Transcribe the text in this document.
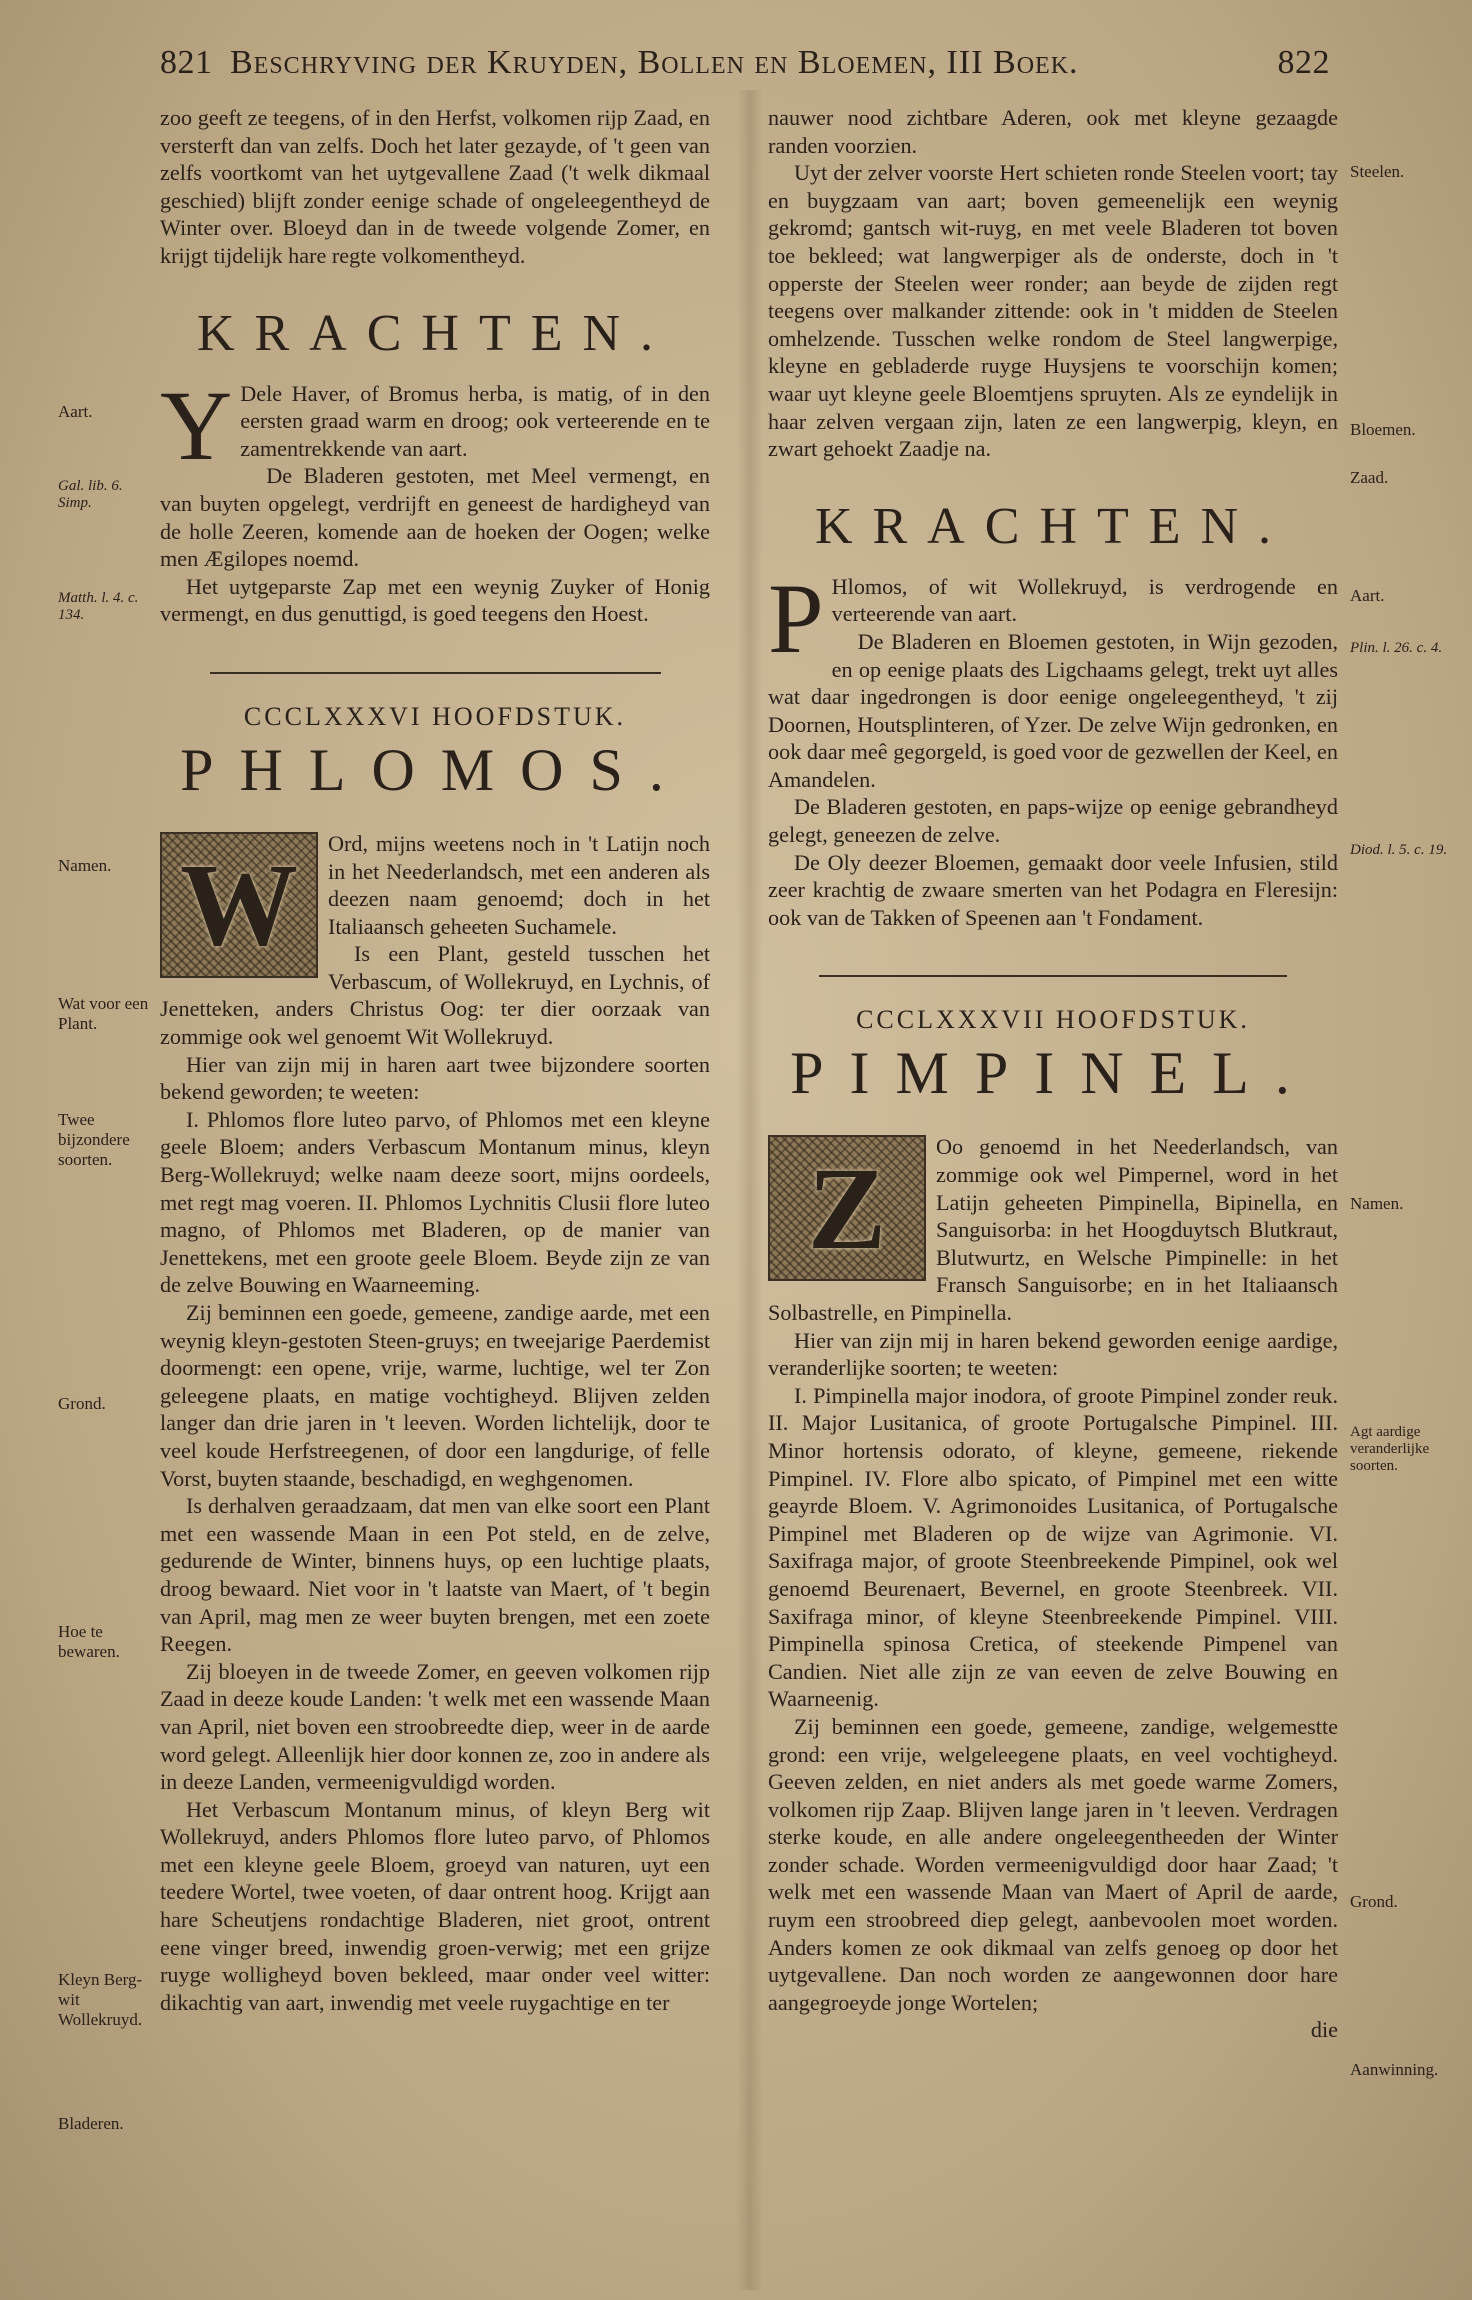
821 Beschryving der Kruyden, Bollen en Bloemen, III Boek.	822

zoo geeft ze teegens, of in den Herfst, volkomen rijp Zaad, en versterft dan van zelfs. Doch het later gezayde, of 't geen van zelfs voortkomt van het uytgevallene Zaad ('t welk dikmaal geschied) blijft zonder eenige schade of ongeleegentheyd de Winter over. Bloeyd dan in de tweede volgende Zomer, en krijgt tijdelijk hare regte volkomentheyd.

KRACHTEN.

Y Dele Haver, of Bromus herba, is matig, of in den eersten graad warm en droog; ook verteerende en te zamentrekkende van aart.

De Bladeren gestoten, met Meel vermengt, en van buyten opgelegt, verdrijft en geneest de hardigheyd van de holle Zeeren, komende aan de hoeken der Oogen; welke men Ægilopes noemd.

Het uytgeparste Zap met een weynig Zuyker of Honig vermengt, en dus genuttigd, is goed teegens den Hoest.

CCCLXXXVI HOOFDSTUK.
PHLOMOS.

W	Ord, mijns weetens noch in 't Latijn noch in het Neederlandsch, met een anderen als deezen naam genoemd; doch in het Italiaansch geheeten Suchamele.

Is een Plant, gesteld tusschen het Verbascum, of Wollekruyd, en Lychnis, of Jenetteken, anders Christus Oog: ter dier oorzaak van zommige ook wel genoemt Wit Wollekruyd.

Hier van zijn mij in haren aart twee bijzondere soorten bekend geworden; te weeten:

I. Phlomos flore luteo parvo, of Phlomos met een kleyne geele Bloem; anders Verbascum Montanum minus, kleyn Berg-Wollekruyd; welke naam deeze soort, mijns oordeels, met regt mag voeren. II. Phlomos Lychnitis Clusii flore luteo magno, of Phlomos met Bladeren, op de manier van Jenettekens, met een groote geele Bloem. Beyde zijn ze van de zelve Bouwing en Waarneeming.

Zij beminnen een goede, gemeene, zandige aarde, met een weynig kleyn-gestoten Steen-gruys; en tweejarige Paerdemist doormengt: een opene, vrije, warme, luchtige, wel ter Zon geleegene plaats, en matige vochtigheyd. Blijven zelden langer dan drie jaren in 't leeven. Worden lichtelijk, door te veel koude Herfstreegenen, of door een langdurige, of felle Vorst, buyten staande, beschadigd, en weghgenomen.

Is derhalven geraadzaam, dat men van elke soort een Plant met een wassende Maan in een Pot steld, en de zelve, gedurende de Winter, binnens huys, op een luchtige plaats, droog bewaard. Niet voor in 't laatste van Maert, of 't begin van April, mag men ze weer buyten brengen, met een zoete Reegen.

Zij bloeyen in de tweede Zomer, en geeven volkomen rijp Zaad in deeze koude Landen: 't welk met een wassende Maan van April, niet boven een stroobreedte diep, weer in de aarde word gelegt. Alleenlijk hier door konnen ze, zoo in andere als in deeze Landen, vermeenigvuldigd worden.

Het Verbascum Montanum minus, of kleyn Berg wit Wollekruyd, anders Phlomos flore luteo parvo, of Phlomos met een kleyne geele Bloem, groeyd van naturen, uyt een teedere Wortel, twee voeten, of daar ontrent hoog. Krijgt aan hare Scheutjens rondachtige Bladeren, niet groot, ontrent eene vinger breed, inwendig groen-verwig; met een grijze ruyge wolligheyd boven bekleed, maar onder veel witter: dikachtig van aart, inwendig met veele ruygachtige en ter

nauwer nood zichtbare Aderen, ook met kleyne gezaagde randen voorzien.

Uyt der zelver voorste Hert schieten ronde Steelen voort; tay en buygzaam van aart; boven gemeenelijk een weynig gekromd; gantsch wit-ruyg, en met veele Bladeren tot boven toe bekleed; wat langwerpiger als de onderste, doch in 't opperste der Steelen weer ronder; aan beyde de zijden regt teegens over malkander zittende: ook in 't midden de Steelen omhelzende. Tusschen welke rondom de Steel langwerpige, kleyne en gebladerde ruyge Huysjens te voorschijn komen; waar uyt kleyne geele Bloemtjens spruyten. Als ze eyndelijk in haar zelven vergaan zijn, laten ze een langwerpig, kleyn, en zwart gehoekt Zaadje na.

KRACHTEN.

P Hlomos, of wit Wollekruyd, is verdrogende en verteerende van aart.

De Bladeren en Bloemen gestoten, in Wijn gezoden, en op eenige plaats des Ligchaams gelegt, trekt uyt alles wat daar ingedrongen is door eenige ongeleegentheyd, 't zij Doornen, Houtsplinteren, of Yzer. De zelve Wijn gedronken, en ook daar meê gegorgeld, is goed voor de gezwellen der Keel, en Amandelen.

De Bladeren gestoten, en paps-wijze op eenige gebrandheyd gelegt, geneezen de zelve.

De Oly deezer Bloemen, gemaakt door veele Infusien, stild zeer krachtig de zwaare smerten van het Podagra en Fleresijn: ook van de Takken of Speenen aan 't Fondament.

CCCLXXXVII HOOFDSTUK.
PIMPINEL.

Z	Oo genoemd in het Neederlandsch, van zommige ook wel Pimpernel, word in het Latijn geheeten Pimpinella, Bipinella, en Sanguisorba: in het Hoogduytsch Blutkraut, Blutwurtz, en Welsche Pimpinelle: in het Fransch Sanguisorbe; en in het Italiaansch Solbastrelle, en Pimpinella.

Hier van zijn mij in haren bekend geworden eenige aardige, veranderlijke soorten; te weeten:

I. Pimpinella major inodora, of groote Pimpinel zonder reuk. II. Major Lusitanica, of groote Portugalsche Pimpinel. III. Minor hortensis odorato, of kleyne, gemeene, riekende Pimpinel. IV. Flore albo spicato, of Pimpinel met een witte geayrde Bloem. V. Agrimonoides Lusitanica, of Portugalsche Pimpinel met Bladeren op de wijze van Agrimonie. VI. Saxifraga major, of groote Steenbreekende Pimpinel, ook wel genoemd Beurenaert, Bevernel, en groote Steenbreek. VII. Saxifraga minor, of kleyne Steenbreekende Pimpinel. VIII. Pimpinella spinosa Cretica, of steekende Pimpenel van Candien. Niet alle zijn ze van eeven de zelve Bouwing en Waarneenig.

Zij beminnen een goede, gemeene, zandige, welgemestte grond: een vrije, welgeleegene plaats, en veel vochtigheyd. Geeven zelden, en niet anders als met goede warme Zomers, volkomen rijp Zaap. Blijven lange jaren in 't leeven. Verdragen sterke koude, en alle andere ongeleegentheeden der Winter zonder schade. Worden vermeenigvuldigd door haar Zaad; 't welk met een wassende Maan van Maert of April de aarde, ruym een stroobreed diep gelegt, aanbevoolen moet worden. Anders komen ze ook dikmaal van zelfs genoeg op door het uytgevallene. Dan noch worden ze aangewonnen door hare aangegroeyde jonge Wortelen;

die

Aart.
Gal. lib. 6. Simp.
Matth. l. 4. c. 134.
Namen.
Wat voor een Plant.
Twee bijzondere soorten.
Grond.
Hoe te bewaren.
Kleyn Berg-wit Wollekruyd.
Bladeren.
Steelen.
Bloemen.
Zaad.
Aart.
Plin. l. 26. c. 4.
Diod. l. 5. c. 19.
Namen.
Agt aardige veranderlijke soorten.
Grond.
Aanwinning.
